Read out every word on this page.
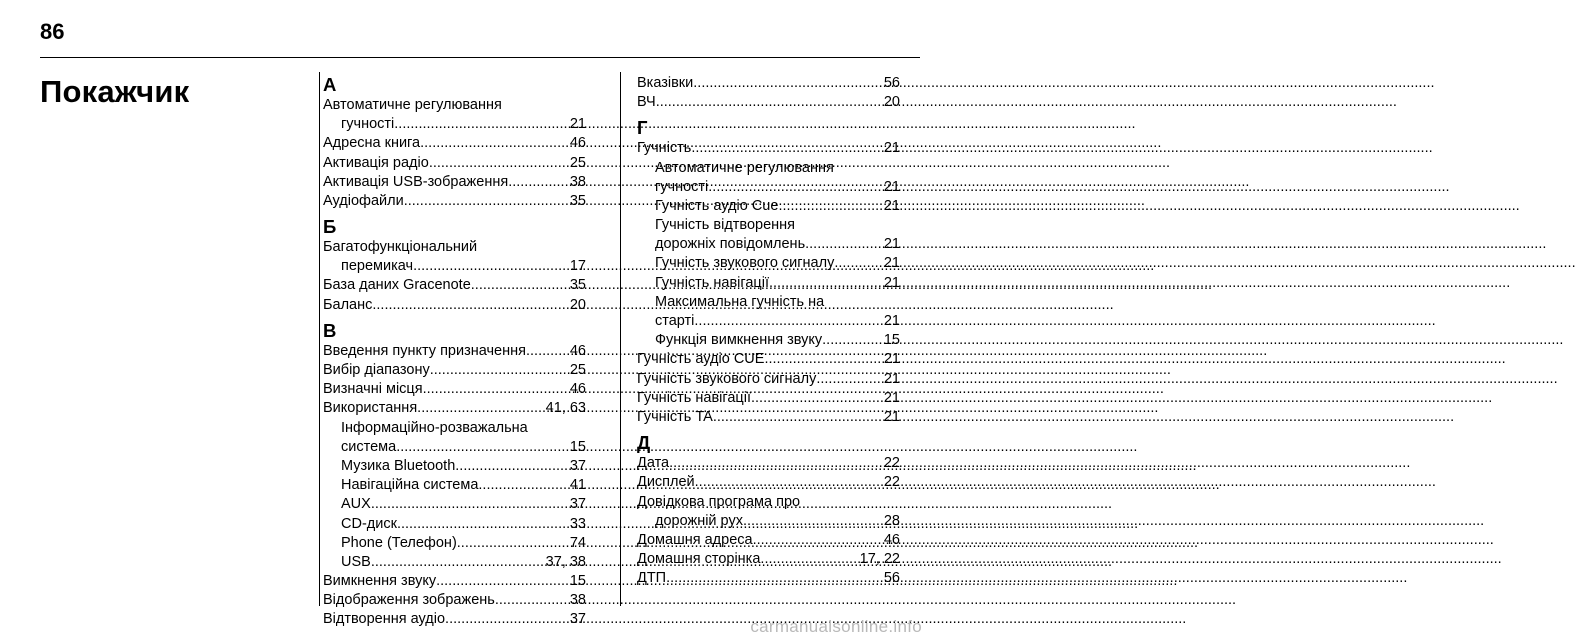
86
Покажчик	А
Автоматичне регулювання
гучності .....	21
Адресна книга .....	46
Активація радіо .....	25
Активація USB-зображення .....	38
Аудіофайли .....	35
Б
Багатофункціональний
перемикач .....	17
База даних Gracenote .....	35
Баланс .....	20
В
Введення пункту призначення .....	46
Вибір діапазону .....	25
Визначні місця .....	46
Використання .....	41, 63
Інформаційно-розважальна
система .....	15
Музика Bluetooth .....	37
Навігаційна система .....	41
AUX .....	37
CD-диск .....	33
Phone (Телефон) .....	74
USB .....	37, 38
Вимкнення звуку .....	15
Відображення зображень .....	38
Відтворення аудіо .....	37
Вказівки .....	56
ВЧ .....	20
Г
Гучність .....	21
Автоматичне регулювання
гучності .....	21
Гучність аудіо Cue .....	21
Гучність відтворення
дорожніх повідомлень .....	21
Гучність звукового сигналу .....	21
Гучність навігації .....	21
Максимальна гучність на
старті .....	21
Функція вимкнення звуку .....	15
Гучність аудіо CUE .....	21
Гучність звукового сигналу .....	21
Гучність навігації .....	21
Гучність TA .....	21
Д
Дата .....	22
Дисплей .....	22
Довідкова програма про
дорожній рух .....	28
Домашня адреса .....	46
Домашня сторінка .....	17, 22
ДТП .....	56
carmanualsonline.info
